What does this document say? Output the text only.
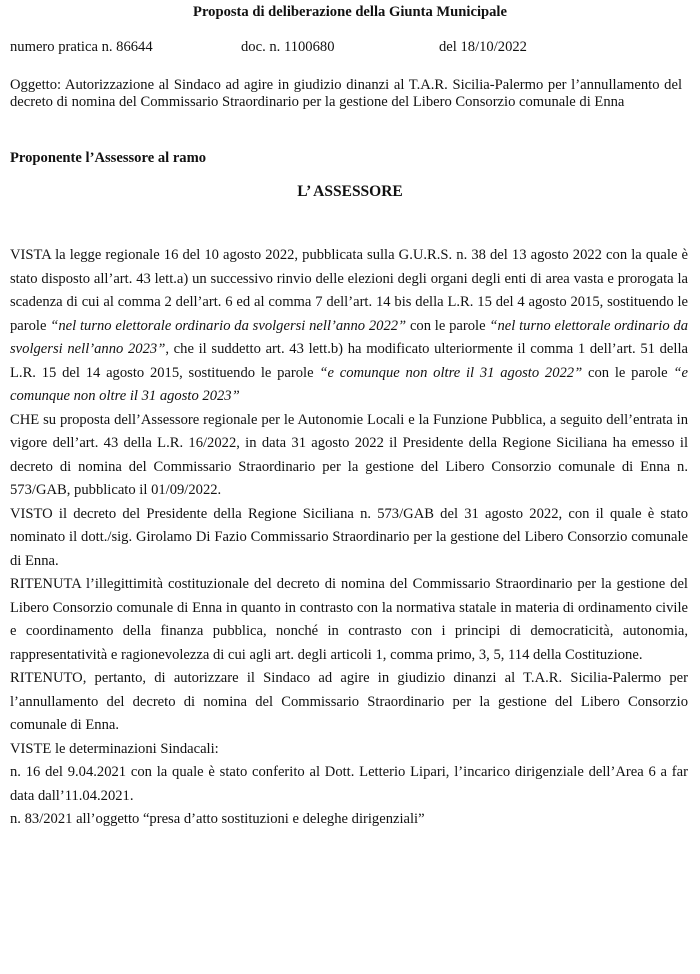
Proposta di deliberazione della Giunta Municipale
numero pratica n. 86644	doc. n. 1100680	del 18/10/2022
Oggetto: Autorizzazione al Sindaco ad agire in giudizio dinanzi al T.A.R. Sicilia-Palermo per l’annullamento del decreto di nomina del Commissario Straordinario per la gestione del Libero Consorzio comunale di Enna
Proponente l’Assessore al ramo
L’ ASSESSORE

VISTA la legge regionale 16 del 10 agosto 2022, pubblicata sulla G.U.R.S. n. 38 del 13 agosto 2022 con la quale è stato disposto all’art. 43 lett.a) un successivo rinvio delle elezioni degli organi degli enti di area vasta e prorogata la scadenza di cui al comma 2 dell’art. 6 ed al comma 7 dell’art. 14 bis della L.R. 15 del 4 agosto 2015, sostituendo le parole “nel turno elettorale ordinario da svolgersi nell’anno 2022” con le parole “nel turno elettorale ordinario da svolgersi nell’anno 2023”, che il suddetto art. 43 lett.b) ha modificato ulteriormente il comma 1 dell’art. 51 della L.R. 15 del 14 agosto 2015, sostituendo le parole “e comunque non oltre il 31 agosto 2022” con le parole “e comunque non oltre il 31 agosto 2023”

CHE su proposta dell’Assessore regionale per le Autonomie Locali e la Funzione Pubblica, a seguito dell’entrata in vigore dell’art. 43 della L.R. 16/2022, in data 31 agosto 2022 il Presidente della Regione Siciliana ha emesso il decreto di nomina del Commissario Straordinario per la gestione del Libero Consorzio comunale di Enna n. 573/GAB, pubblicato il 01/09/2022.

VISTO il decreto del Presidente della Regione Siciliana n. 573/GAB del 31 agosto 2022, con il quale è stato nominato il dott./sig. Girolamo Di Fazio Commissario Straordinario per la gestione del Libero Consorzio comunale di Enna.

RITENUTA l’illegittimità costituzionale del decreto di nomina del Commissario Straordinario per la gestione del Libero Consorzio comunale di Enna in quanto in contrasto con la normativa statale in materia di ordinamento civile e coordinamento della finanza pubblica, nonché in contrasto con i principi di democraticità, autonomia, rappresentatività e ragionevolezza di cui agli art. degli articoli 1, comma primo, 3, 5, 114 della Costituzione.

RITENUTO, pertanto, di autorizzare il Sindaco ad agire in giudizio dinanzi al T.A.R. Sicilia-Palermo per l’annullamento del decreto di nomina del Commissario Straordinario per la gestione del Libero Consorzio comunale di Enna.

VISTE le determinazioni Sindacali:

n. 16 del 9.04.2021 con la quale è stato conferito al Dott. Letterio Lipari, l’incarico dirigenziale dell’Area 6 a far data dall’11.04.2021.

n. 83/2021 all’oggetto “presa d’atto sostituzioni e deleghe dirigenziali”
